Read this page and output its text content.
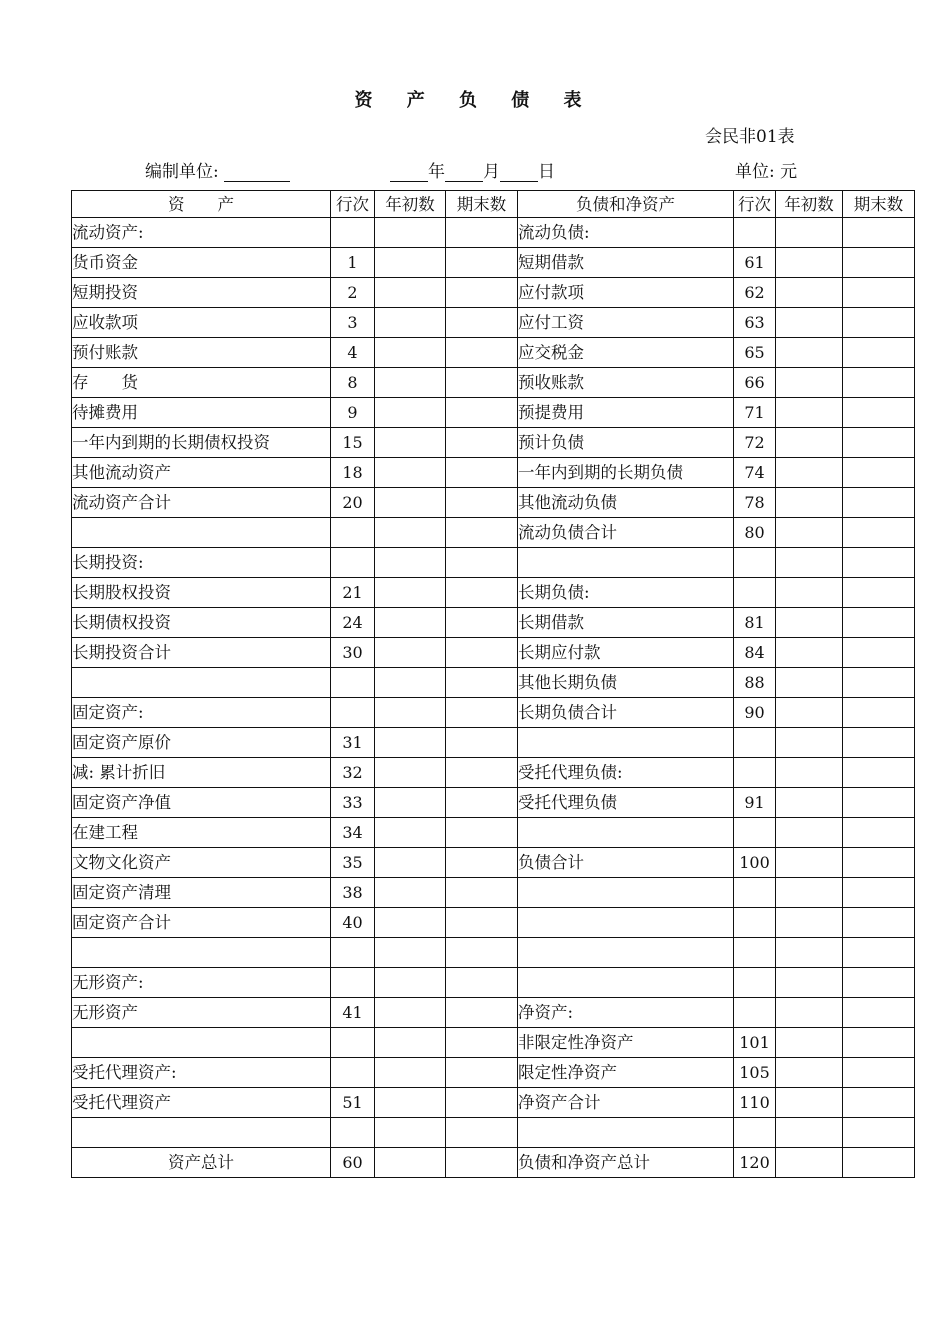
资 产 负 债 表
会民非01表
编制单位:	年 月 日	单位: 元
资　　产	行次	年初数	期末数	负债和净资产	行次	年初数	期末数
流动资产:				流动负债:			
货币资金	1			短期借款	61		
短期投资	2			应付款项	62		
应收款项	3			应付工资	63		
预付账款	4			应交税金	65		
存　　货	8			预收账款	66		
待摊费用	9			预提费用	71		
一年内到期的长期债权投资	15			预计负债	72		
其他流动资产	18			一年内到期的长期负债	74		
流动资产合计	20			其他流动负债	78		
				流动负债合计	80		
长期投资:							
长期股权投资	21			长期负债:			
长期债权投资	24			长期借款	81		
长期投资合计	30			长期应付款	84		
				其他长期负债	88		
固定资产:				长期负债合计	90		
固定资产原价	31						
减: 累计折旧	32			受托代理负债:			
固定资产净值	33			受托代理负债	91		
在建工程	34						
文物文化资产	35			负债合计	100		
固定资产清理	38						
固定资产合计	40						

无形资产:							
无形资产	41			净资产:			
				非限定性净资产	101		
受托代理资产:				限定性净资产	105		
受托代理资产	51			净资产合计	110		

资产总计	60			负债和净资产总计	120		
